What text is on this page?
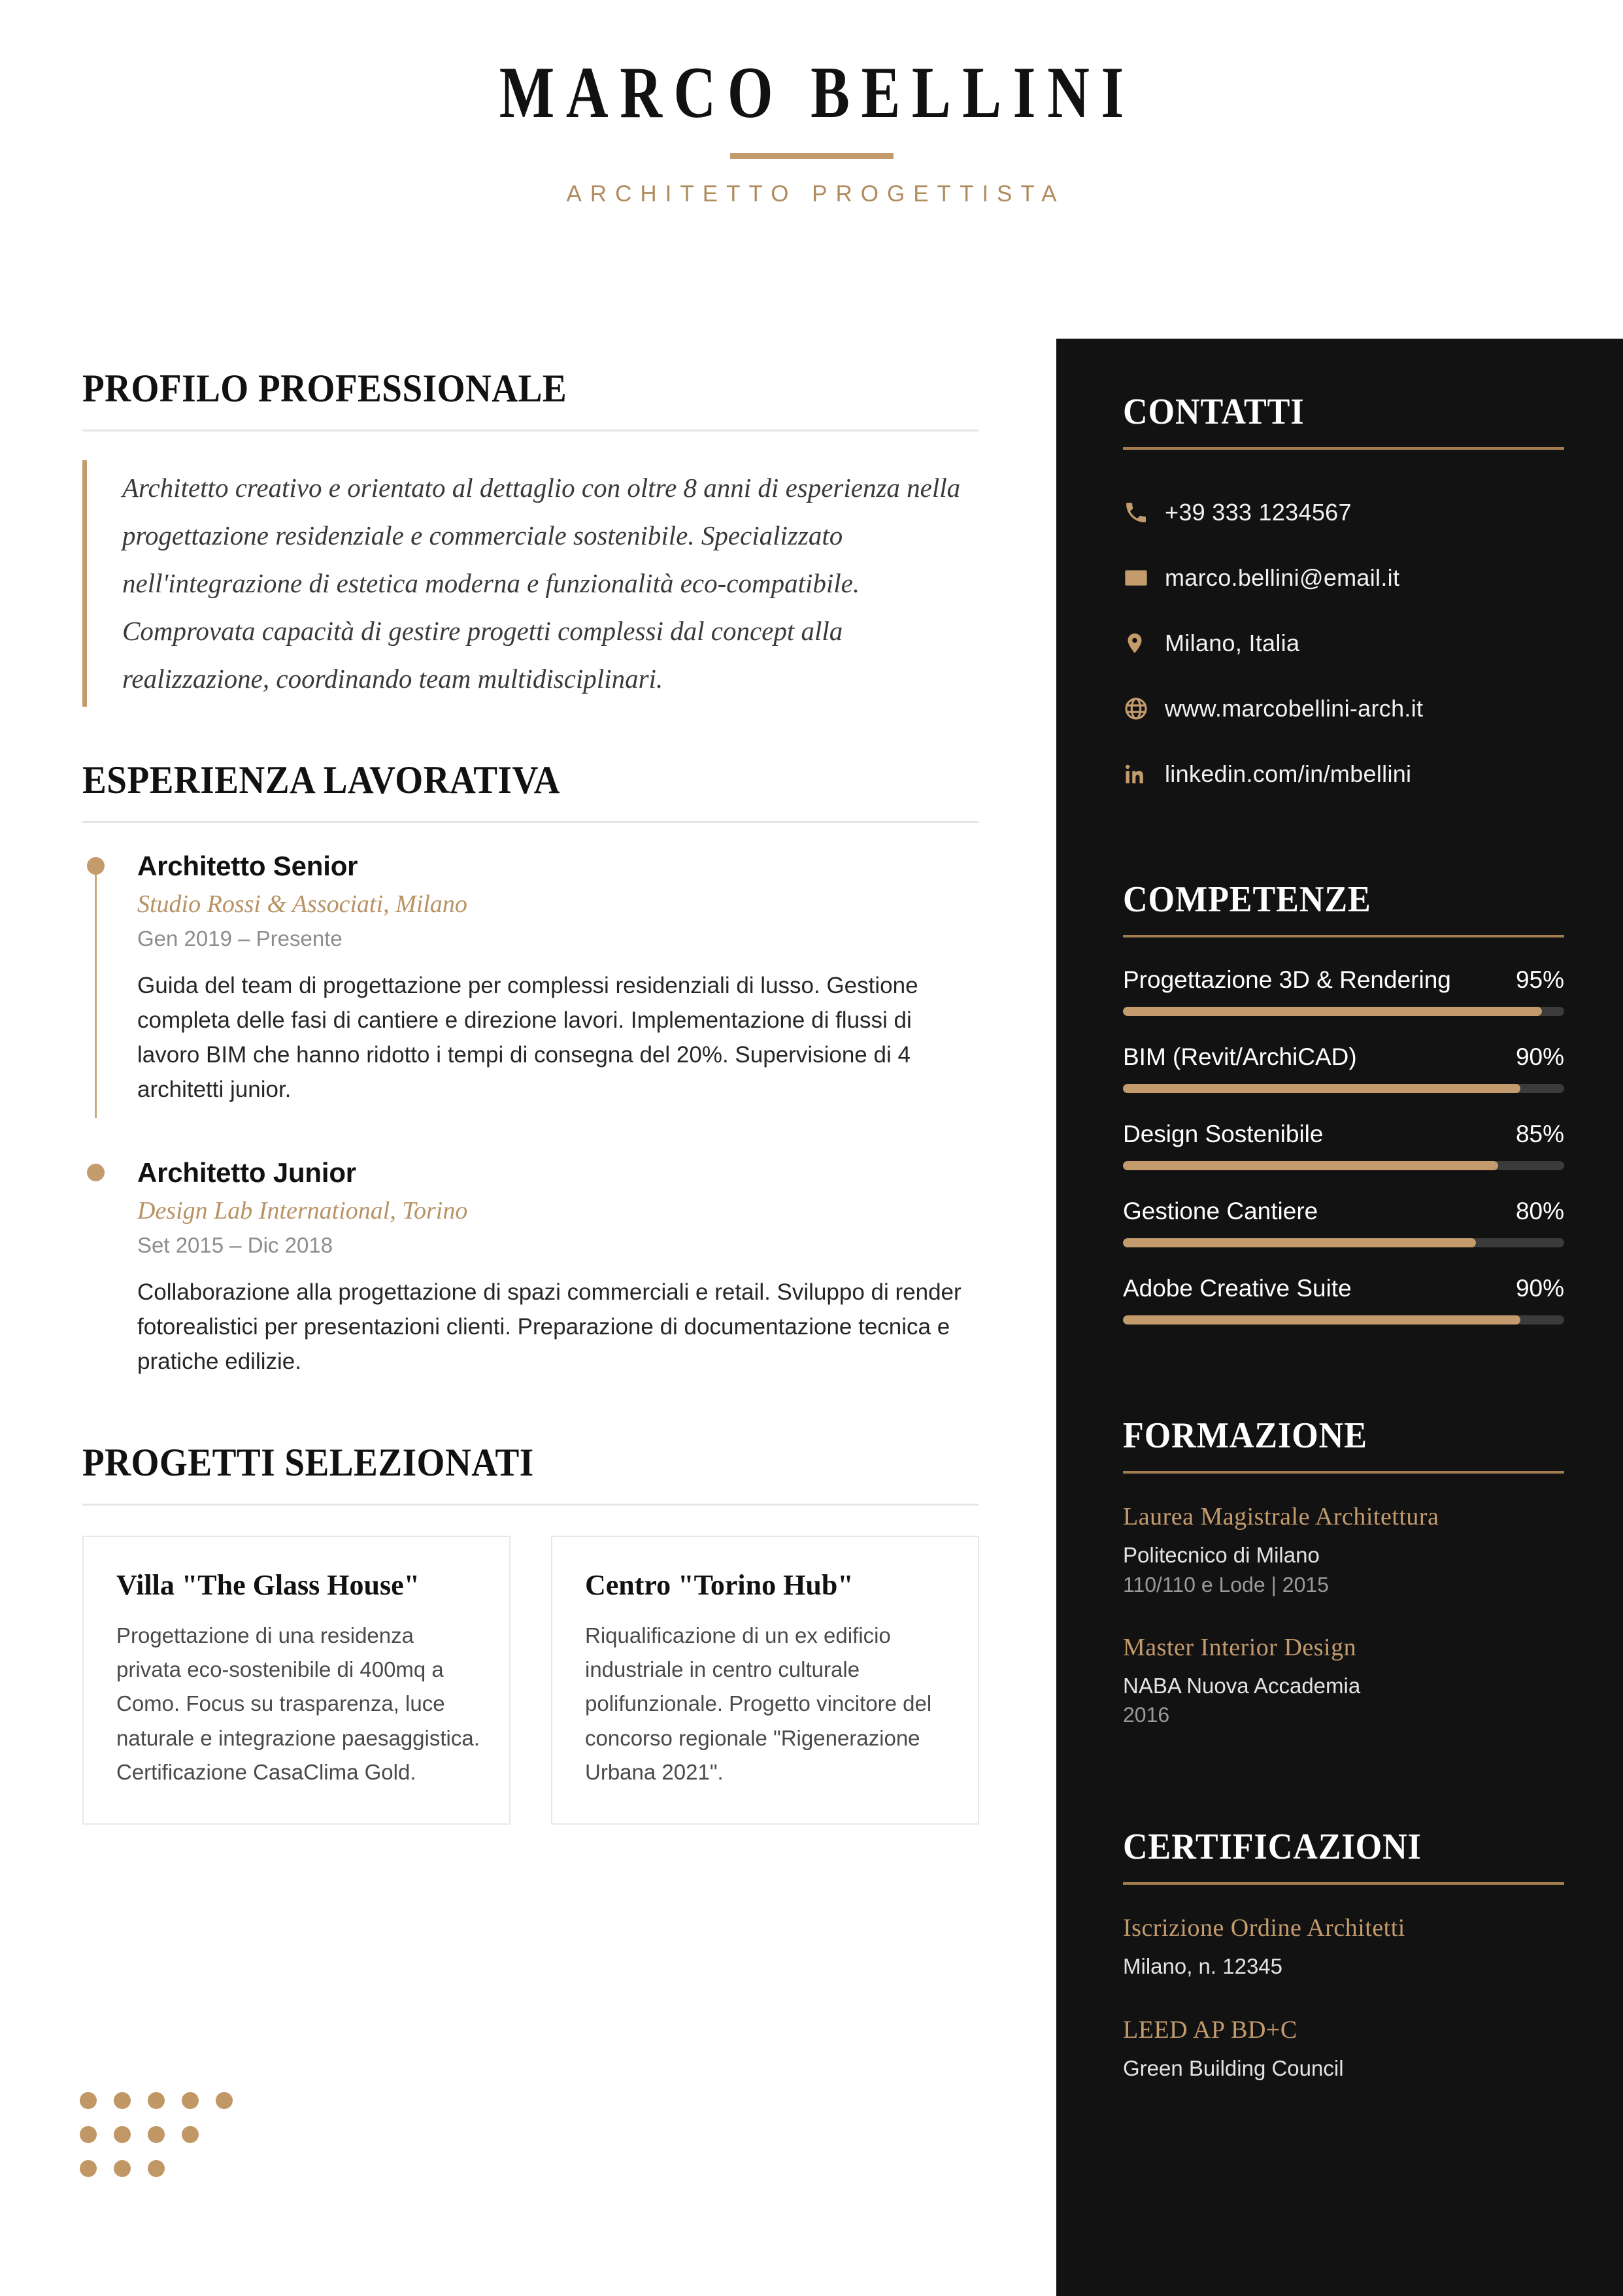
MARCO BELLINI
ARCHITETTO PROGETTISTA
PROFILO PROFESSIONALE

Architetto creativo e orientato al dettaglio con oltre 8 anni di esperienza nella progettazione residenziale e commerciale sostenibile. Specializzato nell'integrazione di estetica moderna e funzionalità eco-compatibile. Comprovata capacità di gestire progetti complessi dal concept alla realizzazione, coordinando team multidisciplinari.

ESPERIENZA LAVORATIVA
Architetto Senior
Studio Rossi & Associati, Milano
Gen 2019 – Presente
Guida del team di progettazione per complessi residenziali di lusso. Gestione completa delle fasi di cantiere e direzione lavori. Implementazione di flussi di lavoro BIM che hanno ridotto i tempi di consegna del 20%. Supervisione di 4 architetti junior.
Architetto Junior
Design Lab International, Torino
Set 2015 – Dic 2018
Collaborazione alla progettazione di spazi commerciali e retail. Sviluppo di render fotorealistici per presentazioni clienti. Preparazione di documentazione tecnica e pratiche edilizie.
PROGETTI SELEZIONATI
Villa "The Glass House"
Progettazione di una residenza privata eco-sostenibile di 400mq a Como. Focus su trasparenza, luce naturale e integrazione paesaggistica. Certificazione CasaClima Gold.
Centro "Torino Hub"
Riqualificazione di un ex edificio industriale in centro culturale polifunzionale. Progetto vincitore del concorso regionale "Rigenerazione Urbana 2021".
CONTATTI
+39 333 1234567
marco.bellini@email.it
Milano, Italia
www.marcobellini-arch.it
linkedin.com/in/mbellini
COMPETENZE
Progettazione 3D & Rendering	95%
BIM (Revit/ArchiCAD)	90%
Design Sostenibile	85%
Gestione Cantiere	80%
Adobe Creative Suite	90%
FORMAZIONE
Laurea Magistrale Architettura
Politecnico di Milano
110/110 e Lode | 2015
Master Interior Design
NABA Nuova Accademia
2016
CERTIFICAZIONI
Iscrizione Ordine Architetti
Milano, n. 12345
LEED AP BD+C
Green Building Council
